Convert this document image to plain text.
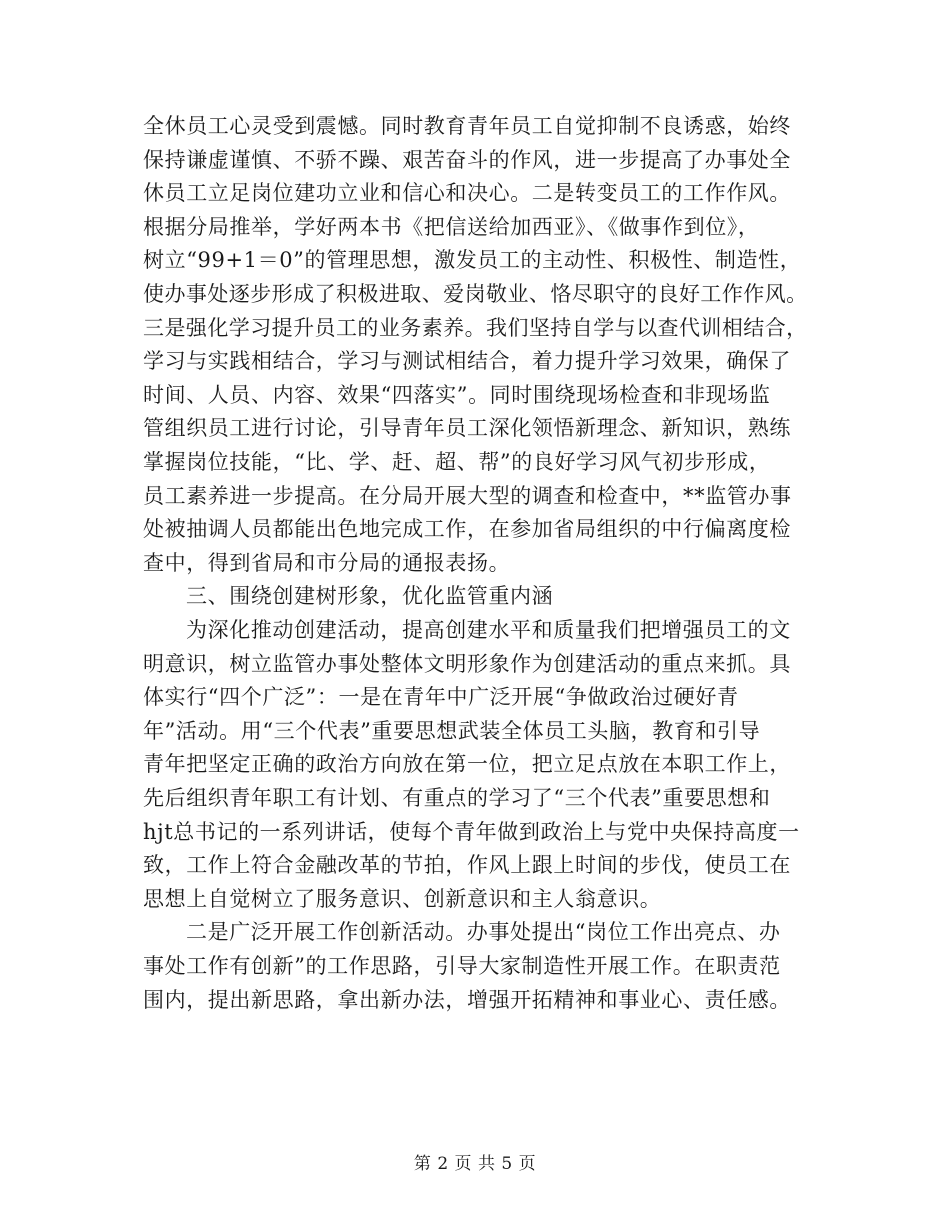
全休员工心灵受到震憾。同时教育青年员工自觉抑制不良诱惑，始终
保持谦虚谨慎、不骄不躁、艰苦奋斗的作风，进一步提高了办事处全
休员工立足岗位建功立业和信心和决心。二是转变员工的工作作风。
根据分局推举，学好两本书《把信送给加西亚》、《做事作到位》，
树立“99+1＝0”的管理思想，激发员工的主动性、积极性、制造性，
使办事处逐步形成了积极进取、爱岗敬业、恪尽职守的良好工作作风。
三是强化学习提升员工的业务素养。我们坚持自学与以查代训相结合，
学习与实践相结合，学习与测试相结合，着力提升学习效果，确保了
时间、人员、内容、效果“四落实”。同时围绕现场检查和非现场监
管组织员工进行讨论，引导青年员工深化领悟新理念、新知识，熟练
掌握岗位技能，“比、学、赶、超、帮”的良好学习风气初步形成，
员工素养进一步提高。在分局开展大型的调查和检查中，**监管办事
处被抽调人员都能出色地完成工作，在参加省局组织的中行偏离度检
查中，得到省局和市分局的通报表扬。
三、围绕创建树形象，优化监管重内涵
为深化推动创建活动，提高创建水平和质量我们把增强员工的文
明意识，树立监管办事处整体文明形象作为创建活动的重点来抓。具
体实行“四个广泛”：一是在青年中广泛开展“争做政治过硬好青
年”活动。用“三个代表”重要思想武装全体员工头脑，教育和引导
青年把坚定正确的政治方向放在第一位，把立足点放在本职工作上，
先后组织青年职工有计划、有重点的学习了“三个代表”重要思想和
hjt总书记的一系列讲话，使每个青年做到政治上与党中央保持高度一
致，工作上符合金融改革的节拍，作风上跟上时间的步伐，使员工在
思想上自觉树立了服务意识、创新意识和主人翁意识。
二是广泛开展工作创新活动。办事处提出“岗位工作出亮点、办
事处工作有创新”的工作思路，引导大家制造性开展工作。在职责范
围内，提出新思路，拿出新办法，增强开拓精神和事业心、责任感。
第 2 页 共 5 页
